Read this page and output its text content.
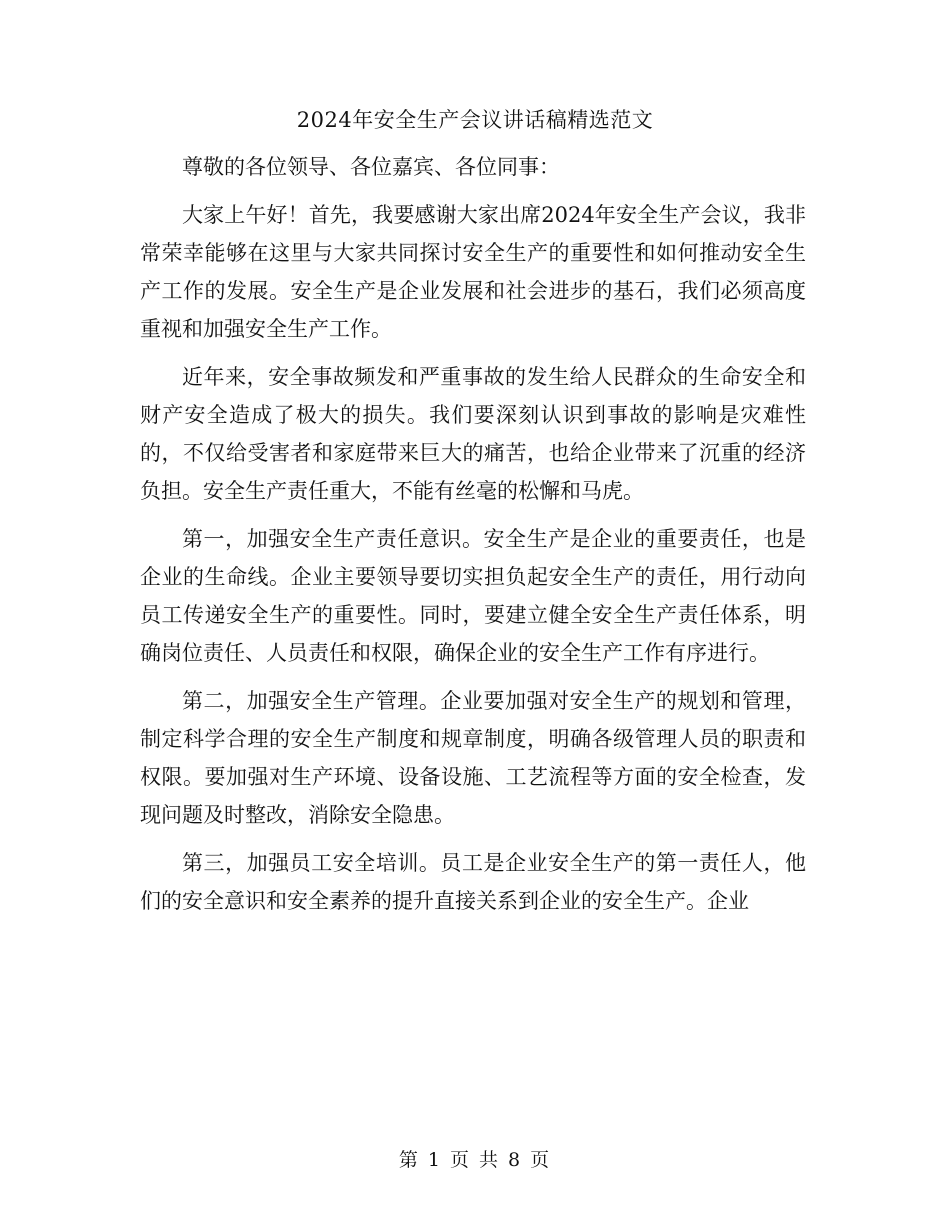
2024年安全生产会议讲话稿精选范文

尊敬的各位领导、各位嘉宾、各位同事：

大家上午好！首先，我要感谢大家出席2024年安全生产会议，我非常荣幸能够在这里与大家共同探讨安全生产的重要性和如何推动安全生产工作的发展。安全生产是企业发展和社会进步的基石，我们必须高度重视和加强安全生产工作。

近年来，安全事故频发和严重事故的发生给人民群众的生命安全和财产安全造成了极大的损失。我们要深刻认识到事故的影响是灾难性的，不仅给受害者和家庭带来巨大的痛苦，也给企业带来了沉重的经济负担。安全生产责任重大，不能有丝毫的松懈和马虎。

第一，加强安全生产责任意识。安全生产是企业的重要责任，也是企业的生命线。企业主要领导要切实担负起安全生产的责任，用行动向员工传递安全生产的重要性。同时，要建立健全安全生产责任体系，明确岗位责任、人员责任和权限，确保企业的安全生产工作有序进行。

第二，加强安全生产管理。企业要加强对安全生产的规划和管理，制定科学合理的安全生产制度和规章制度，明确各级管理人员的职责和权限。要加强对生产环境、设备设施、工艺流程等方面的安全检查，发现问题及时整改，消除安全隐患。

第三，加强员工安全培训。员工是企业安全生产的第一责任人，他们的安全意识和安全素养的提升直接关系到企业的安全生产。企业

第 1 页 共 8 页
